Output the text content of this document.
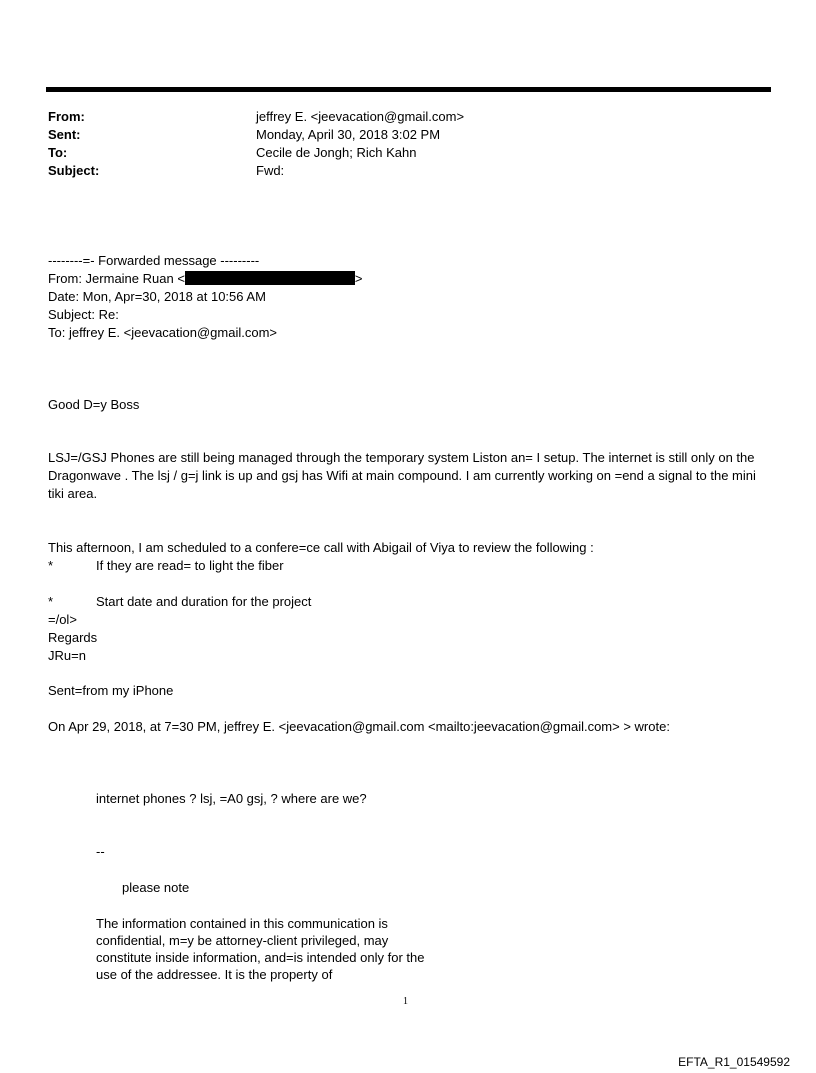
From:	jeffrey E. <jeevacation@gmail.com>
Sent:	Monday, April 30, 2018 3:02 PM
To:	Cecile de Jongh; Rich Kahn
Subject:	Fwd:
--------=- Forwarded message ---------
From: Jermaine Ruan <	>
Date: Mon, Apr=30, 2018 at 10:56 AM
Subject: Re:
To: jeffrey E. <jeevacation@gmail.com>
Good D=y Boss
LSJ=/GSJ Phones are still being managed through the temporary system Liston an= I setup. The internet is still only on the Dragonwave . The lsj / g=j link is up and gsj has Wifi at main compound. I am currently working on =end a signal to the mini tiki area.
This afternoon, I am scheduled to a confere=ce call with Abigail of Viya to review the following :
*	If they are read= to light the fiber
*	Start date and duration for the project
=/ol>
Regards
JRu=n
Sent=from my iPhone
On Apr 29, 2018, at 7=30 PM, jeffrey E. <jeevacation@gmail.com <mailto:jeevacation@gmail.com> > wrote:
internet phones ? lsj, =A0 gsj, ? where are we?
--
please note
The information contained in this communication is confidential, m=y be attorney-client privileged, may constitute inside information, and=is intended only for the use of the addressee. It is the property of
1
EFTA_R1_01549592
